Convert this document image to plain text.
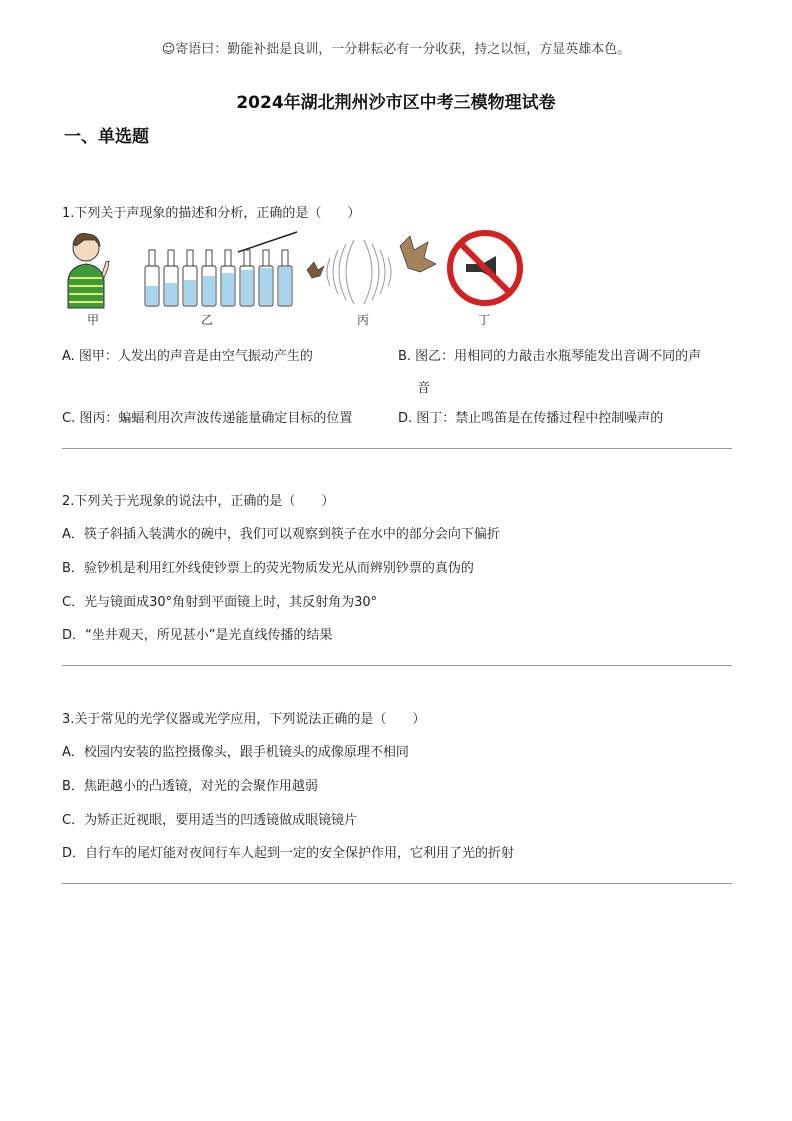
☺寄语曰：勤能补拙是良训，一分耕耘必有一分收获，持之以恒，方显英雄本色。
2024年湖北荆州沙市区中考三模物理试卷
一、单选题
1.下列关于声现象的描述和分析，正确的是（　　）
甲	乙	丙	丁
A. 图甲：人发出的声音是由空气振动产生的	B. 图乙：用相同的力敲击水瓶琴能发出音调不同的声
音
C. 图丙：蝙蝠利用次声波传递能量确定目标的位置	D. 图丁：禁止鸣笛是在传播过程中控制噪声的
2.下列关于光现象的说法中，正确的是（　　）
A．筷子斜插入装满水的碗中，我们可以观察到筷子在水中的部分会向下偏折
B．验钞机是利用红外线使钞票上的荧光物质发光从而辨别钞票的真伪的
C．光与镜面成30°角射到平面镜上时，其反射角为30°
D．“坐井观天，所见甚小”是光直线传播的结果
3.关于常见的光学仪器或光学应用，下列说法正确的是（　　）
A．校园内安装的监控摄像头，跟手机镜头的成像原理不相同
B．焦距越小的凸透镜，对光的会聚作用越弱
C．为矫正近视眼，要用适当的凹透镜做成眼镜镜片
D．自行车的尾灯能对夜间行车人起到一定的安全保护作用，它利用了光的折射
